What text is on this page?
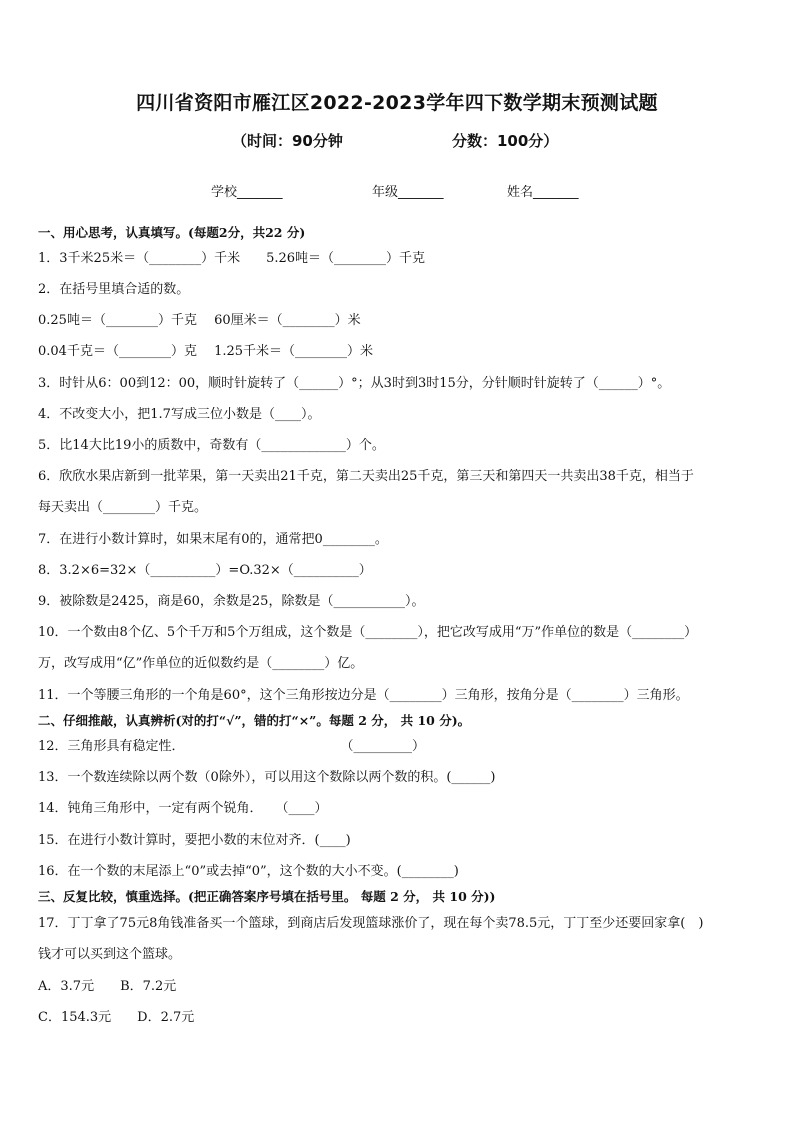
四川省资阳市雁江区2022-2023学年四下数学期末预测试题
（时间：90分钟	分数：100分）
学校_______	年级_______	姓名_______
一、用心思考，认真填写。(每题2分，共22 分)
1．3千米25米＝（________）千米　　5.26吨＝（________）千克
2．在括号里填合适的数。
0.25吨＝（________）千克　 60厘米＝（________）米
0.04千克＝（________）克　 1.25千米＝（________）米
3．时针从6：00到12：00，顺时针旋转了（______）°；从3时到3时15分，分针顺时针旋转了（______）°。
4．不改变大小，把1.7写成三位小数是（____）。
5．比14大比19小的质数中，奇数有（_____________）个。
6．欣欣水果店新到一批苹果，第一天卖出21千克，第二天卖出25千克，第三天和第四天一共卖出38千克，相当于
每天卖出（________）千克。
7．在进行小数计算时，如果末尾有0的，通常把0________。
8．3.2×6=32×（__________）=O.32×（__________）
9．被除数是2425，商是60，余数是25，除数是（___________）。
10．一个数由8个亿、5个千万和5个万组成，这个数是（________），把它改写成用“万”作单位的数是（________）
万，改写成用“亿”作单位的近似数约是（________）亿。
11．一个等腰三角形的一个角是60°，这个三角形按边分是（________）三角形，按角分是（________）三角形。
二、仔细推敲，认真辨析(对的打“√”，错的打“×”。每题 2 分， 共 10 分)。
12．三角形具有稳定性．　　　　　　　　　　　　　（_________）
13．一个数连续除以两个数（0除外），可以用这个数除以两个数的积。(______)
14．钝角三角形中，一定有两个锐角．　　（____）
15．在进行小数计算时，要把小数的末位对齐．(____)
16．在一个数的末尾添上“0”或去掉“0”，这个数的大小不变。(________)
三、反复比较，慎重选择。(把正确答案序号填在括号里。 每题 2 分， 共 10 分))
17．丁丁拿了75元8角钱准备买一个篮球，到商店后发现篮球涨价了，现在每个卖78.5元，丁丁至少还要回家拿(　)
钱才可以买到这个篮球。
A．3.7元　　B．7.2元
C．154.3元　　D．2.7元
